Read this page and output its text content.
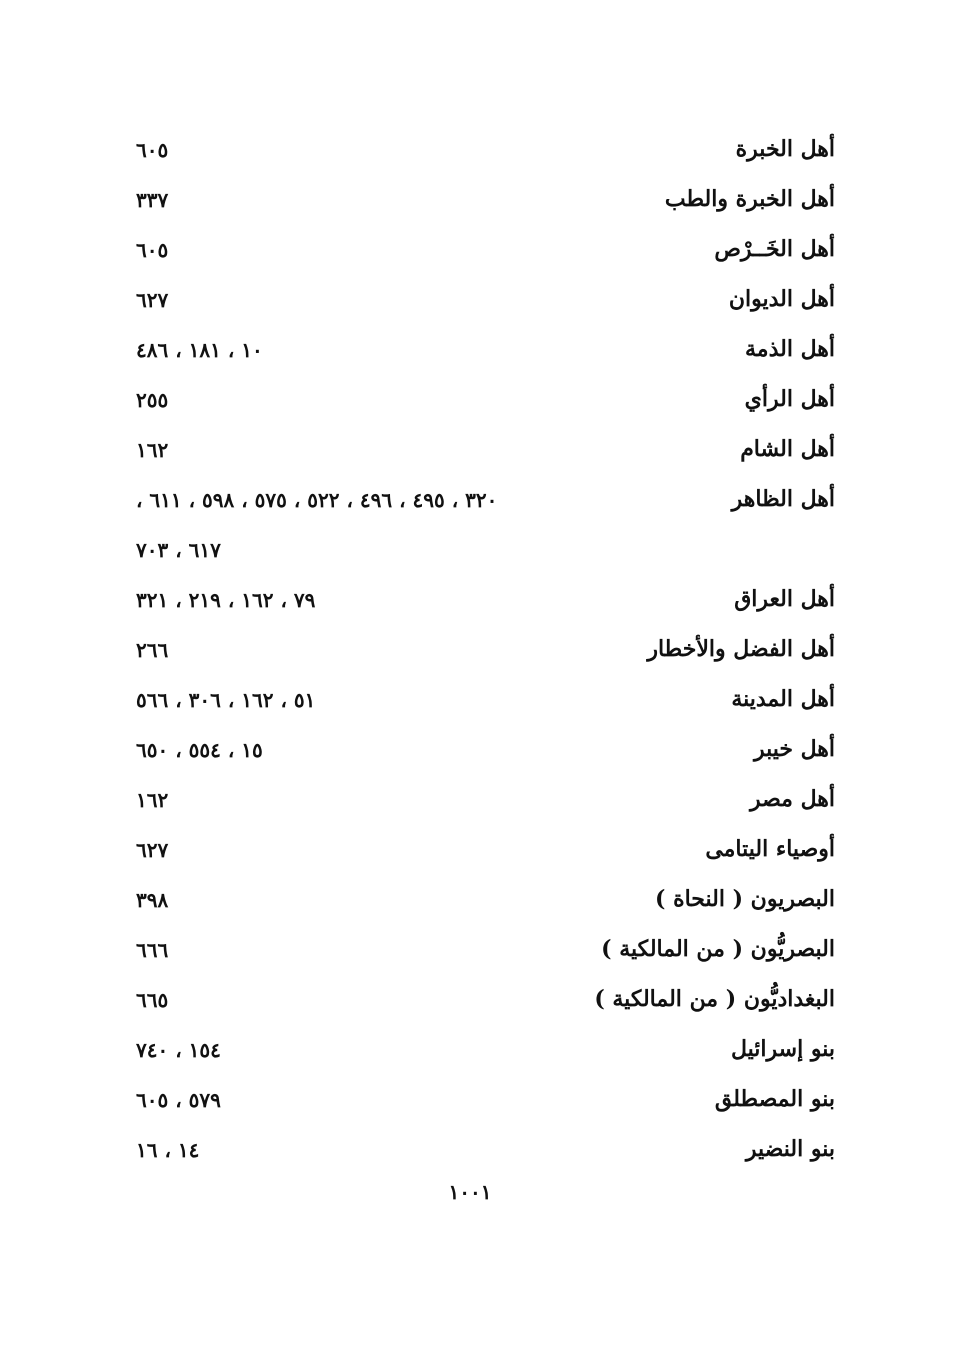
أهل الخبرة
٦٠٥
أهل الخبرة والطب
٣٣٧
أهل الخَــرْص
٦٠٥
أهل الديوان
٦٢٧
أهل الذمة
١٠ ، ١٨١ ، ٤٨٦
أهل الرأي
٢٥٥
أهل الشام
١٦٢
أهل الظاهر
٣٢٠ ، ٤٩٥ ، ٤٩٦ ، ٥٢٢ ، ٥٧٥ ، ٥٩٨ ، ٦١١ ،
٦١٧ ، ٧٠٣
أهل العراق
٧٩ ، ١٦٢ ، ٢١٩ ، ٣٢١
أهل الفضل والأخطار
٢٦٦
أهل المدينة
٥١ ، ١٦٢ ، ٣٠٦ ، ٥٦٦
أهل خيبر
١٥ ، ٥٥٤ ، ٦٥٠
أهل مصر
١٦٢
أوصياء اليتامى
٦٢٧
البصريون ( النحاة )
٣٩٨
البصريُّون ( من المالكية )
٦٦٦
البغداديُّون ( من المالكية )
٦٦٥
بنو إسرائيل
١٥٤ ، ٧٤٠
بنو المصطلق
٥٧٩ ، ٦٠٥
بنو النضير
١٤ ، ١٦
١٠٠١
